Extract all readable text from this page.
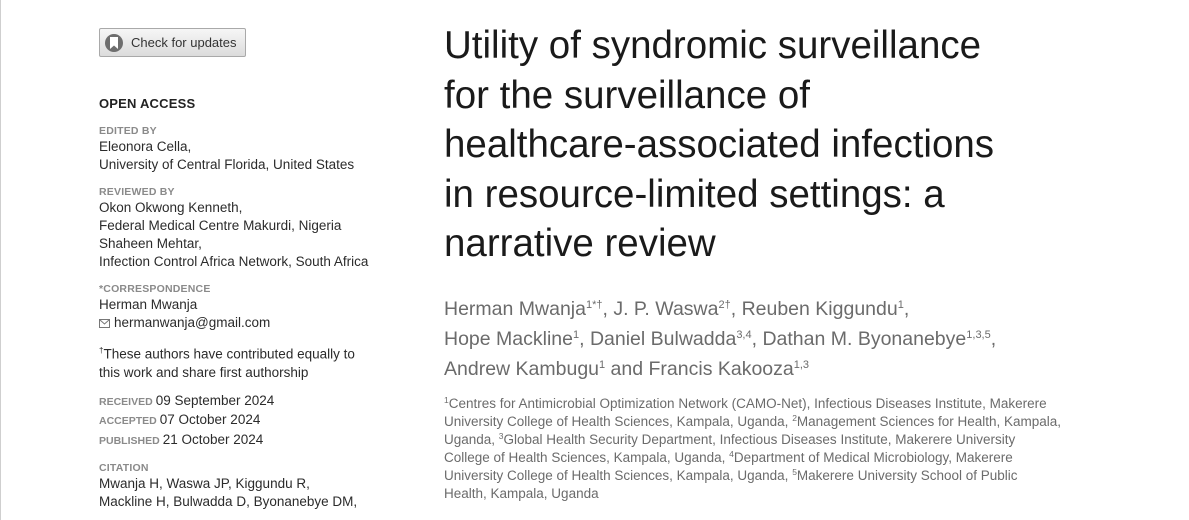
Check for updates
OPEN ACCESS
EDITED BY
Eleonora Cella,
University of Central Florida, United States
REVIEWED BY
Okon Okwong Kenneth,
Federal Medical Centre Makurdi, Nigeria
Shaheen Mehtar,
Infection Control Africa Network, South Africa
*CORRESPONDENCE
Herman Mwanja
hermanwanja@gmail.com
†These authors have contributed equally to
this work and share first authorship
RECEIVED 09 September 2024
ACCEPTED 07 October 2024
PUBLISHED 21 October 2024
CITATION
Mwanja H, Waswa JP, Kiggundu R,
Mackline H, Bulwadda D, Byonanebye DM,
Utility of syndromic surveillance
for the surveillance of
healthcare-associated infections
in resource-limited settings: a
narrative review
Herman Mwanja$^{1*\dagger}$, J. P. Waswa$^{2\dagger}$, Reuben Kiggundu$^1$,
Hope Mackline$^1$, Daniel Bulwadda$^{3,4}$, Dathan M. Byonanebye$^{1,3,5}$,
Andrew Kambugu$^1$ and Francis Kakooza$^{1,3}$
$^1$Centres for Antimicrobial Optimization Network (CAMO-Net), Infectious Diseases Institute, Makerere
University College of Health Sciences, Kampala, Uganda, $^2$Management Sciences for Health, Kampala,
Uganda, $^3$Global Health Security Department, Infectious Diseases Institute, Makerere University
College of Health Sciences, Kampala, Uganda, $^4$Department of Medical Microbiology, Makerere
University College of Health Sciences, Kampala, Uganda, $^5$Makerere University School of Public
Health, Kampala, Uganda
